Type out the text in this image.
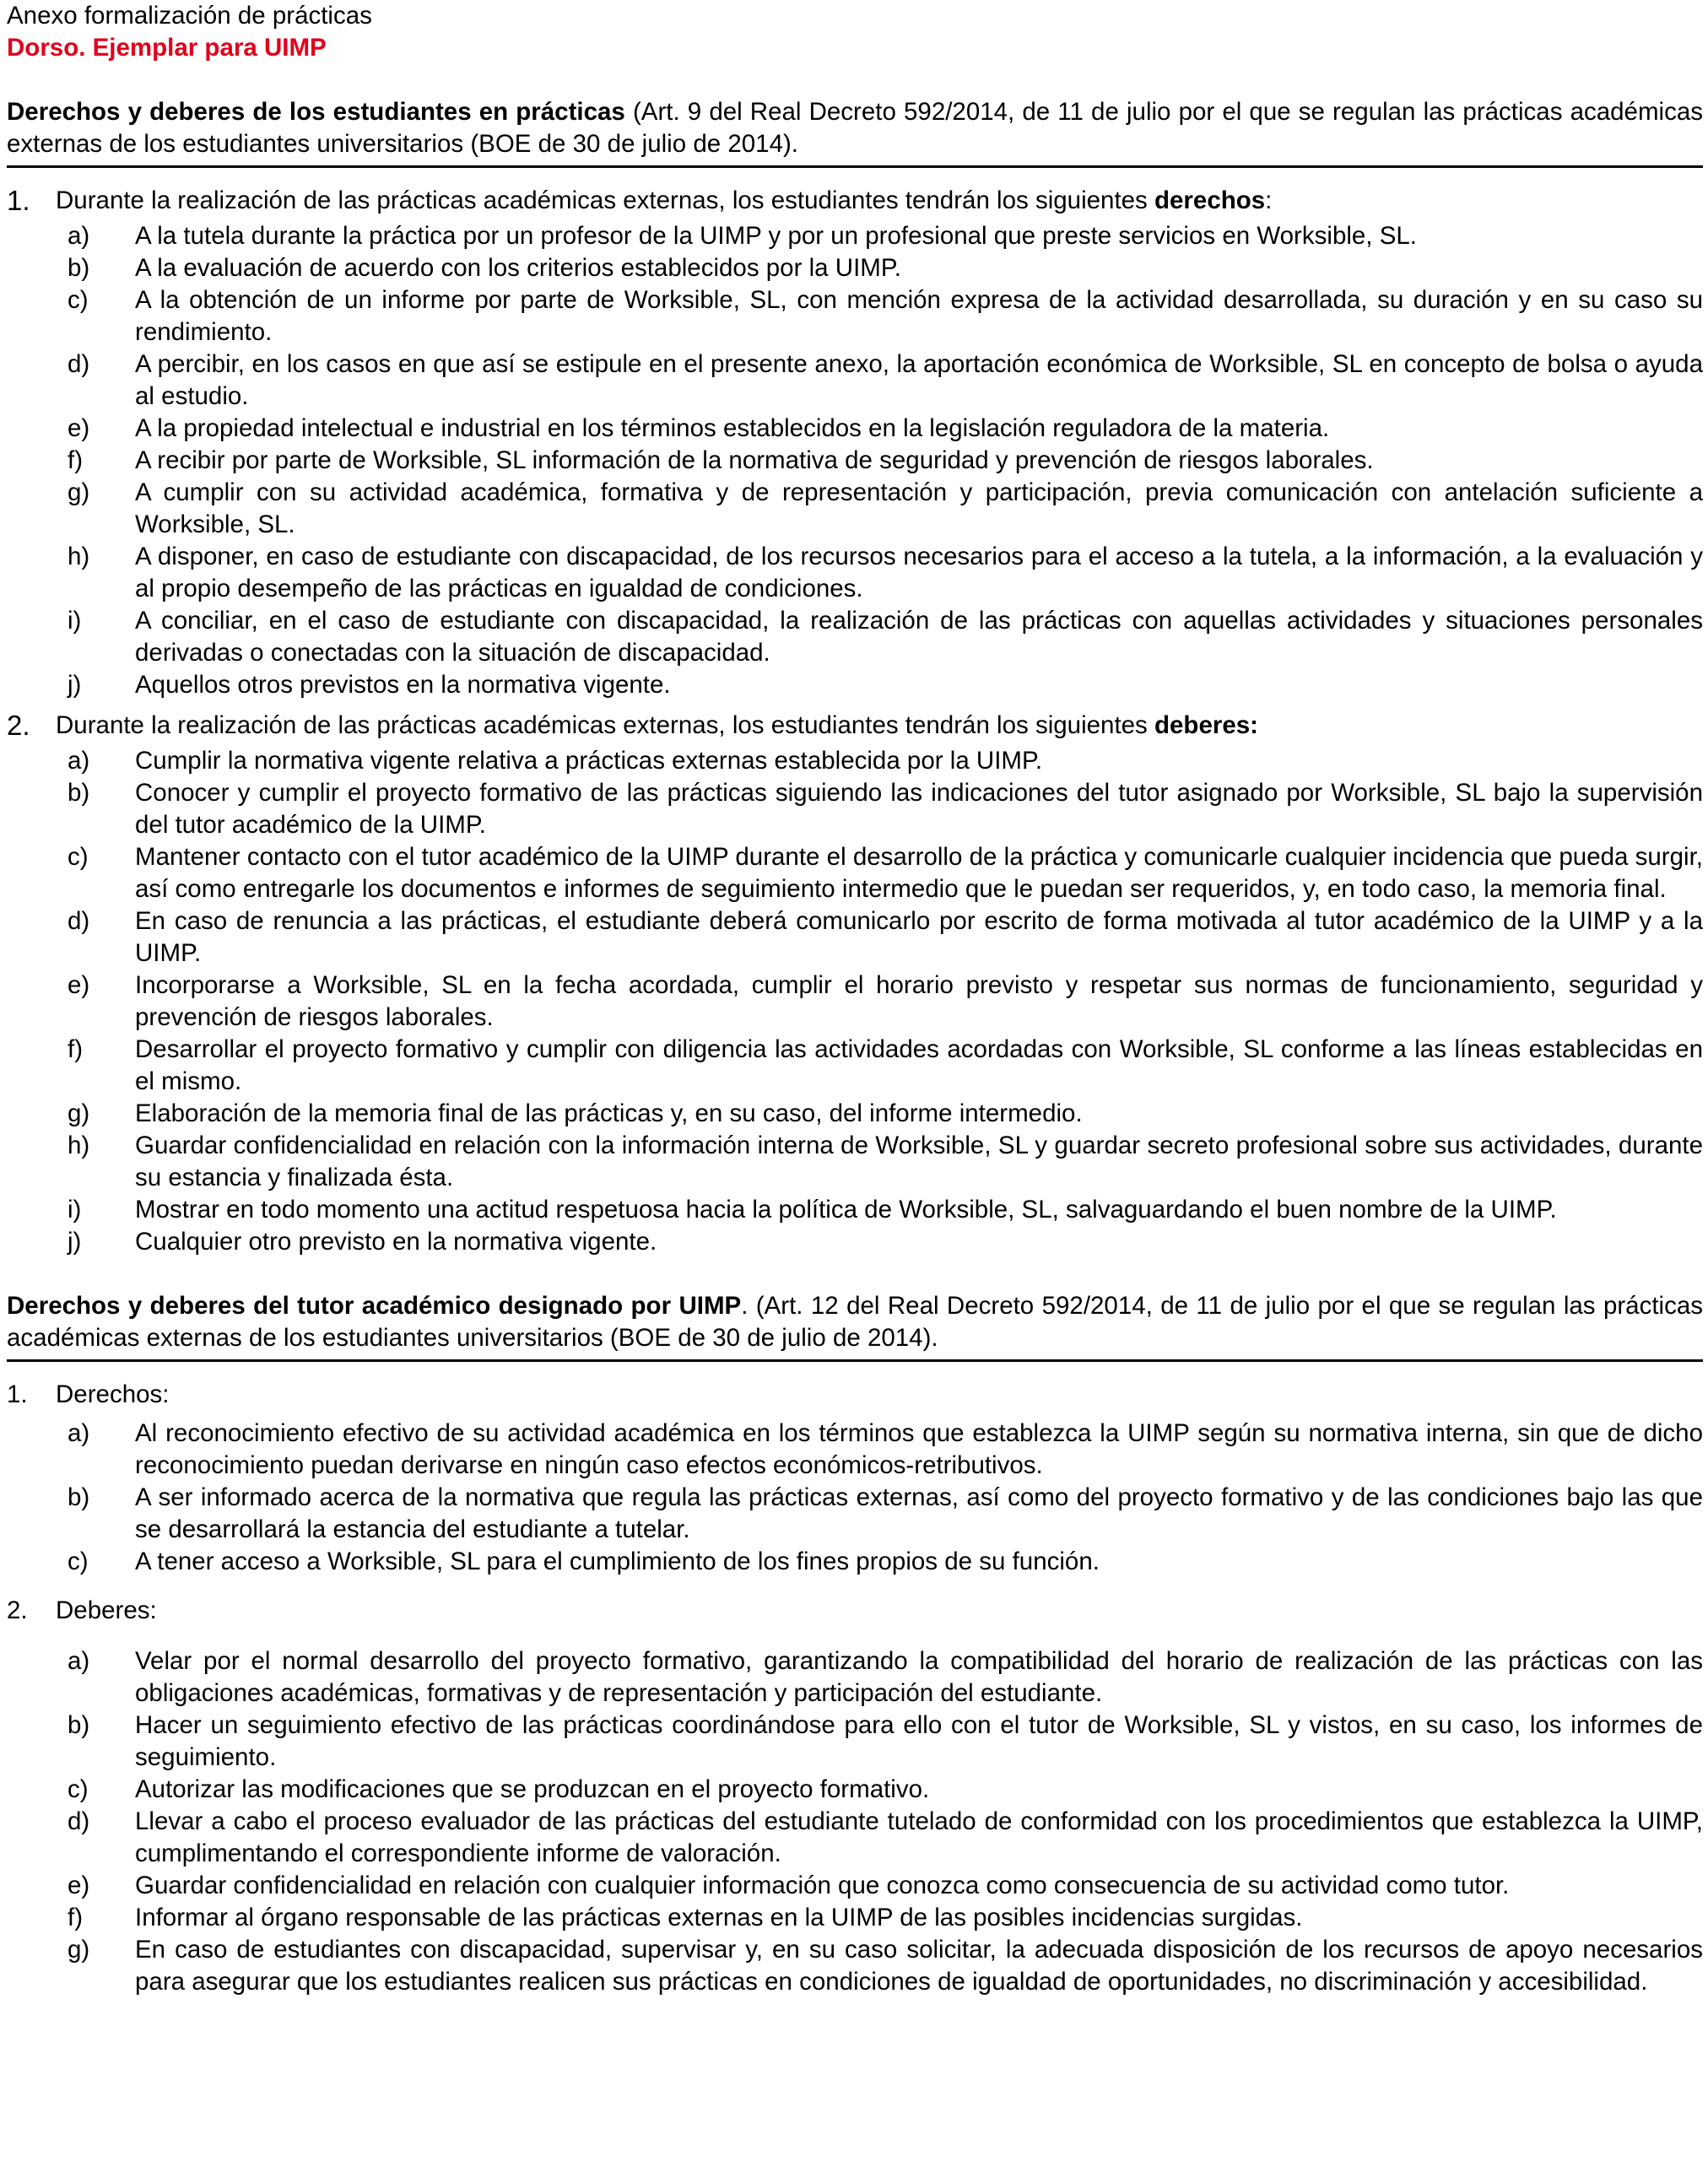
Anexo formalización de prácticas

Dorso. Ejemplar para UIMP

Derechos y deberes de los estudiantes en prácticas (Art. 9 del Real Decreto 592/2014, de 11 de julio por el que se regulan las prácticas académicas externas de los estudiantes universitarios (BOE de 30 de julio de 2014).

1.	Durante la realización de las prácticas académicas externas, los estudiantes tendrán los siguientes derechos:
a)	A la tutela durante la práctica por un profesor de la UIMP y por un profesional que preste servicios en Worksible, SL.
b)	A la evaluación de acuerdo con los criterios establecidos por la UIMP.
c)	A la obtención de un informe por parte de Worksible, SL, con mención expresa de la actividad desarrollada, su duración y en su caso su rendimiento.
d)	A percibir, en los casos en que así se estipule en el presente anexo, la aportación económica de Worksible, SL en concepto de bolsa o ayuda al estudio.
e)	A la propiedad intelectual e industrial en los términos establecidos en la legislación reguladora de la materia.
f)	A recibir por parte de Worksible, SL información de la normativa de seguridad y prevención de riesgos laborales.
g)	A cumplir con su actividad académica, formativa y de representación y participación, previa comunicación con antelación suficiente a Worksible, SL.
h)	A disponer, en caso de estudiante con discapacidad, de los recursos necesarios para el acceso a la tutela, a la información, a la evaluación y al propio desempeño de las prácticas en igualdad de condiciones.
i)	A conciliar, en el caso de estudiante con discapacidad, la realización de las prácticas con aquellas actividades y situaciones personales derivadas o conectadas con la situación de discapacidad.
j)	Aquellos otros previstos en la normativa vigente.
2.	Durante la realización de las prácticas académicas externas, los estudiantes tendrán los siguientes deberes:
a)	Cumplir la normativa vigente relativa a prácticas externas establecida por la UIMP.
b)	Conocer y cumplir el proyecto formativo de las prácticas siguiendo las indicaciones del tutor asignado por Worksible, SL bajo la supervisión del tutor académico de la UIMP.
c)	Mantener contacto con el tutor académico de la UIMP durante el desarrollo de la práctica y comunicarle cualquier incidencia que pueda surgir, así como entregarle los documentos e informes de seguimiento intermedio que le puedan ser requeridos, y, en todo caso, la memoria final.
d)	En caso de renuncia a las prácticas, el estudiante deberá comunicarlo por escrito de forma motivada al tutor académico de la UIMP y a la UIMP.
e)	Incorporarse a Worksible, SL en la fecha acordada, cumplir el horario previsto y respetar sus normas de funcionamiento, seguridad y prevención de riesgos laborales.
f)	Desarrollar el proyecto formativo y cumplir con diligencia las actividades acordadas con Worksible, SL conforme a las líneas establecidas en el mismo.
g)	Elaboración de la memoria final de las prácticas y, en su caso, del informe intermedio.
h)	Guardar confidencialidad en relación con la información interna de Worksible, SL y guardar secreto profesional sobre sus actividades, durante su estancia y finalizada ésta.
i)	Mostrar en todo momento una actitud respetuosa hacia la política de Worksible, SL, salvaguardando el buen nombre de la UIMP.
j)	Cualquier otro previsto en la normativa vigente.

Derechos y deberes del tutor académico designado por UIMP. (Art. 12 del Real Decreto 592/2014, de 11 de julio por el que se regulan las prácticas académicas externas de los estudiantes universitarios (BOE de 30 de julio de 2014).

1.	Derechos:
a)	Al reconocimiento efectivo de su actividad académica en los términos que establezca la UIMP según su normativa interna, sin que de dicho reconocimiento puedan derivarse en ningún caso efectos económicos-retributivos.
b)	A ser informado acerca de la normativa que regula las prácticas externas, así como del proyecto formativo y de las condiciones bajo las que se desarrollará la estancia del estudiante a tutelar.
c)	A tener acceso a Worksible, SL para el cumplimiento de los fines propios de su función.
2.	Deberes:
a)	Velar por el normal desarrollo del proyecto formativo, garantizando la compatibilidad del horario de realización de las prácticas con las obligaciones académicas, formativas y de representación y participación del estudiante.
b)	Hacer un seguimiento efectivo de las prácticas coordinándose para ello con el tutor de Worksible, SL y vistos, en su caso, los informes de seguimiento.
c)	Autorizar las modificaciones que se produzcan en el proyecto formativo.
d)	Llevar a cabo el proceso evaluador de las prácticas del estudiante tutelado de conformidad con los procedimientos que establezca la UIMP, cumplimentando el correspondiente informe de valoración.
e)	Guardar confidencialidad en relación con cualquier información que conozca como consecuencia de su actividad como tutor.
f)	Informar al órgano responsable de las prácticas externas en la UIMP de las posibles incidencias surgidas.
g)	En caso de estudiantes con discapacidad, supervisar y, en su caso solicitar, la adecuada disposición de los recursos de apoyo necesarios para asegurar que los estudiantes realicen sus prácticas en condiciones de igualdad de oportunidades, no discriminación y accesibilidad.
